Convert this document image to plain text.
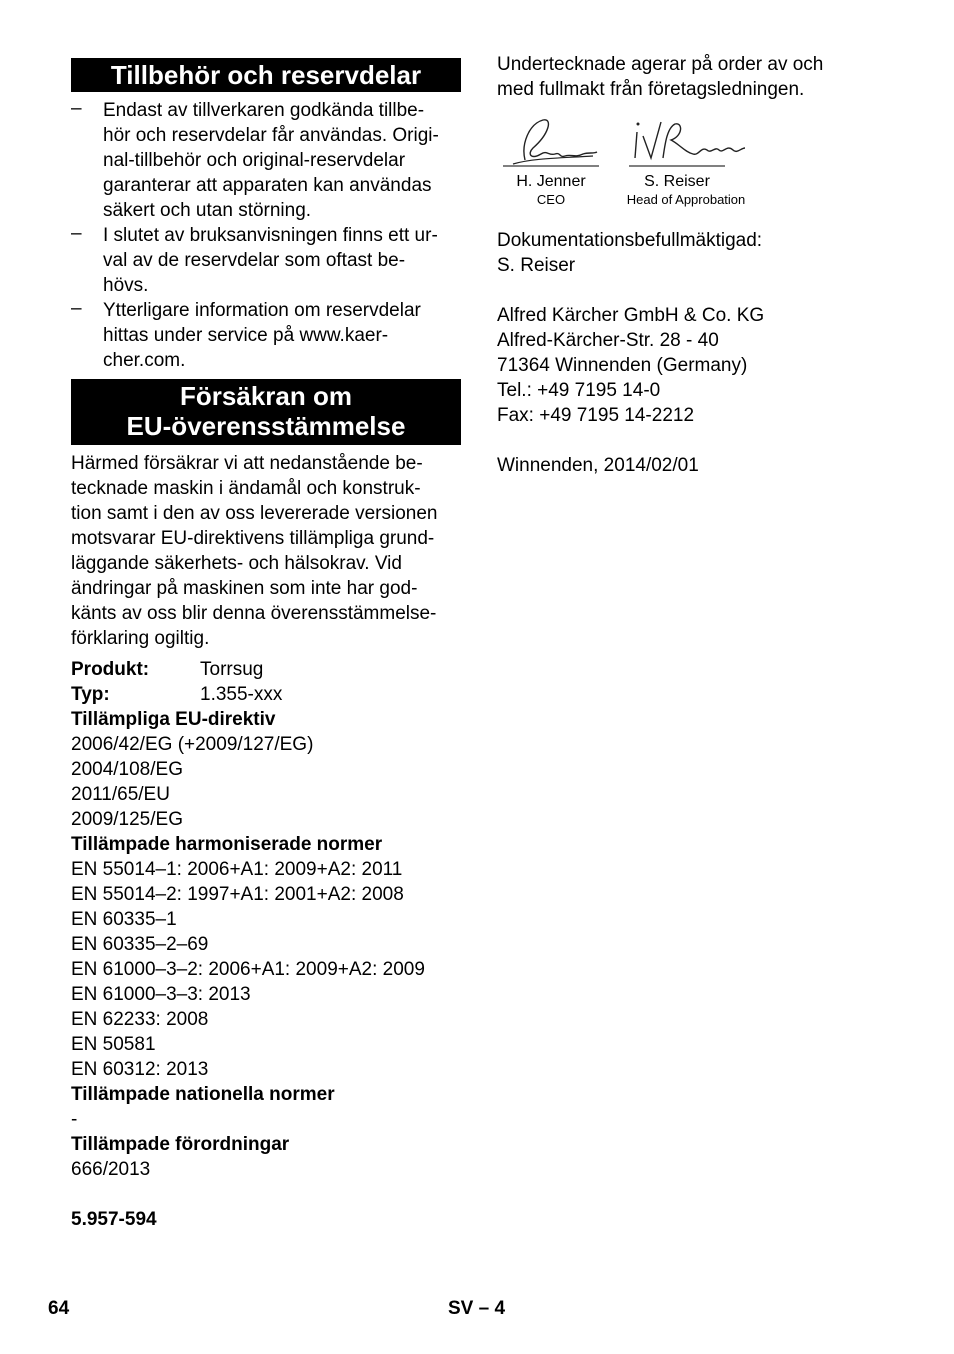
Tillbehör och reservdelar
– Endast av tillverkaren godkända tillbe-
hör och reservdelar får användas. Origi-
nal-tillbehör och original-reservdelar
garanterar att apparaten kan användas
säkert och utan störning.
– I slutet av bruksanvisningen finns ett ur-
val av de reservdelar som oftast be-
hövs.
– Ytterligare information om reservdelar
hittas under service på www.kaer-
cher.com.
Försäkran om
EU-överensstämmelse
Härmed försäkrar vi att nedanstående be-
tecknade maskin i ändamål och konstruk-
tion samt i den av oss levererade versionen
motsvarar EU-direktivens tillämpliga grund-
läggande säkerhets- och hälsokrav. Vid
ändringar på maskinen som inte har god-
känts av oss blir denna överensstämmelse-
förklaring ogiltig.
Produkt:	Torrsug
Typ:	1.355-xxx
Tillämpliga EU-direktiv
2006/42/EG (+2009/127/EG)
2004/108/EG
2011/65/EU
2009/125/EG
Tillämpade harmoniserade normer
EN 55014–1: 2006+A1: 2009+A2: 2011
EN 55014–2: 1997+A1: 2001+A2: 2008
EN 60335–1
EN 60335–2–69
EN 61000–3–2: 2006+A1: 2009+A2: 2009
EN 61000–3–3: 2013
EN 62233: 2008
EN 50581
EN 60312: 2013
Tillämpade nationella normer
-
Tillämpade förordningar
666/2013
5.957-594
Undertecknade agerar på order av och
med fullmakt från företagsledningen.
H. Jenner
CEO
S. Reiser
Head of Approbation
Dokumentationsbefullmäktigad:
S. Reiser
Alfred Kärcher GmbH & Co. KG
Alfred-Kärcher-Str. 28 - 40
71364 Winnenden (Germany)
Tel.: +49 7195 14-0
Fax: +49 7195 14-2212
Winnenden, 2014/02/01
64	SV – 4
